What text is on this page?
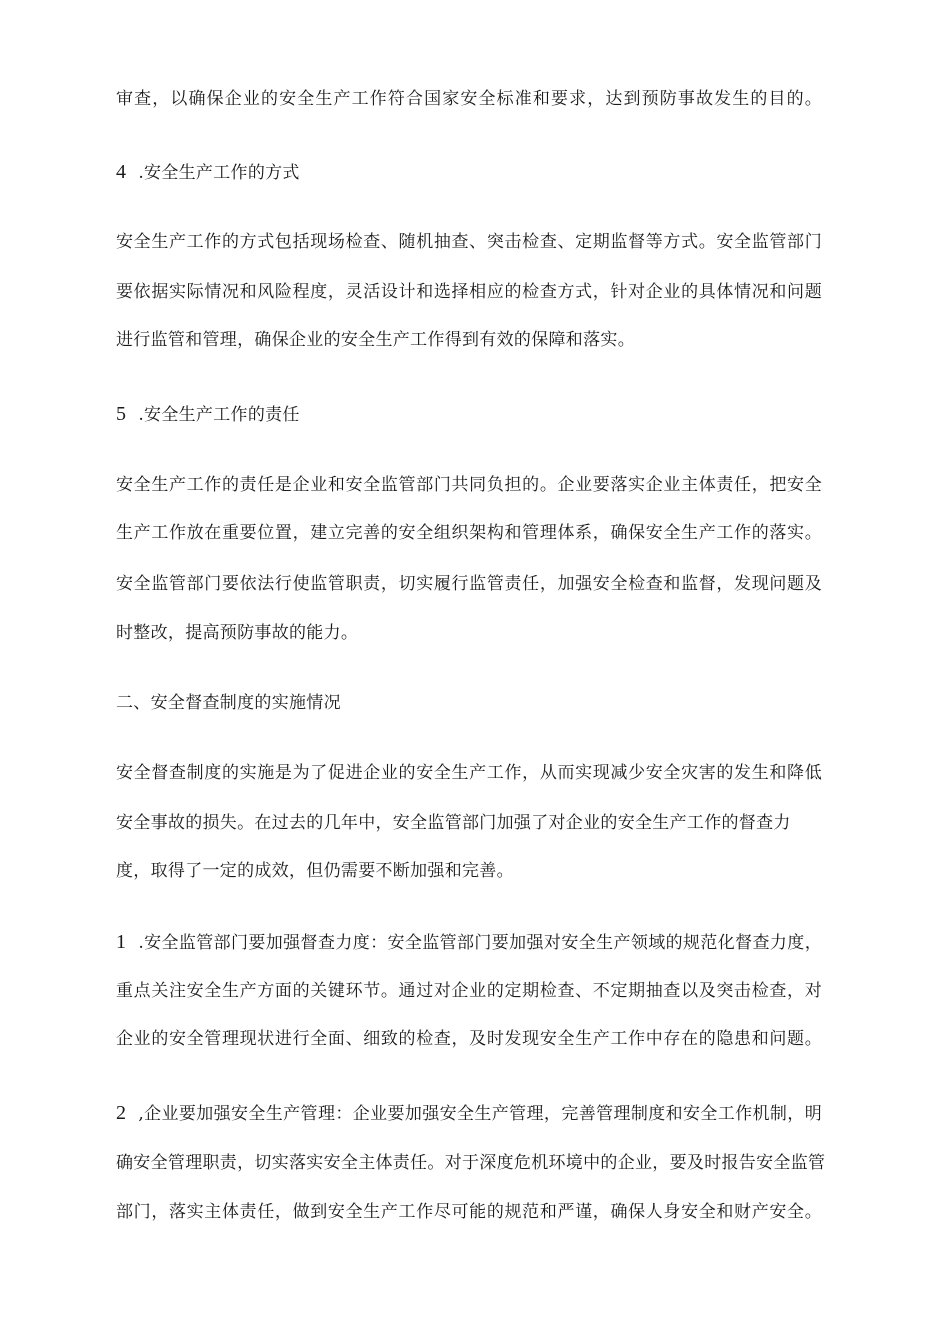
审查，以确保企业的安全生产工作符合国家安全标准和要求，达到预防事故发生的目的。
4 .安全生产工作的方式
安全生产工作的方式包括现场检查、随机抽查、突击检查、定期监督等方式。安全监管部门
要依据实际情况和风险程度，灵活设计和选择相应的检查方式，针对企业的具体情况和问题
进行监管和管理，确保企业的安全生产工作得到有效的保障和落实。
5 .安全生产工作的责任
安全生产工作的责任是企业和安全监管部门共同负担的。企业要落实企业主体责任，把安全
生产工作放在重要位置，建立完善的安全组织架构和管理体系，确保安全生产工作的落实。
安全监管部门要依法行使监管职责，切实履行监管责任，加强安全检查和监督，发现问题及
时整改，提高预防事故的能力。
二、安全督查制度的实施情况
安全督查制度的实施是为了促进企业的安全生产工作，从而实现减少安全灾害的发生和降低
安全事故的损失。在过去的几年中，安全监管部门加强了对企业的安全生产工作的督查力
度，取得了一定的成效，但仍需要不断加强和完善。
1 .安全监管部门要加强督查力度：安全监管部门要加强对安全生产领域的规范化督查力度，
重点关注安全生产方面的关键环节。通过对企业的定期检查、不定期抽查以及突击检查，对
企业的安全管理现状进行全面、细致的检查，及时发现安全生产工作中存在的隐患和问题。
2 ,企业要加强安全生产管理：企业要加强安全生产管理，完善管理制度和安全工作机制，明
确安全管理职责，切实落实安全主体责任。对于深度危机环境中的企业，要及时报告安全监管
部门，落实主体责任，做到安全生产工作尽可能的规范和严谨，确保人身安全和财产安全。
